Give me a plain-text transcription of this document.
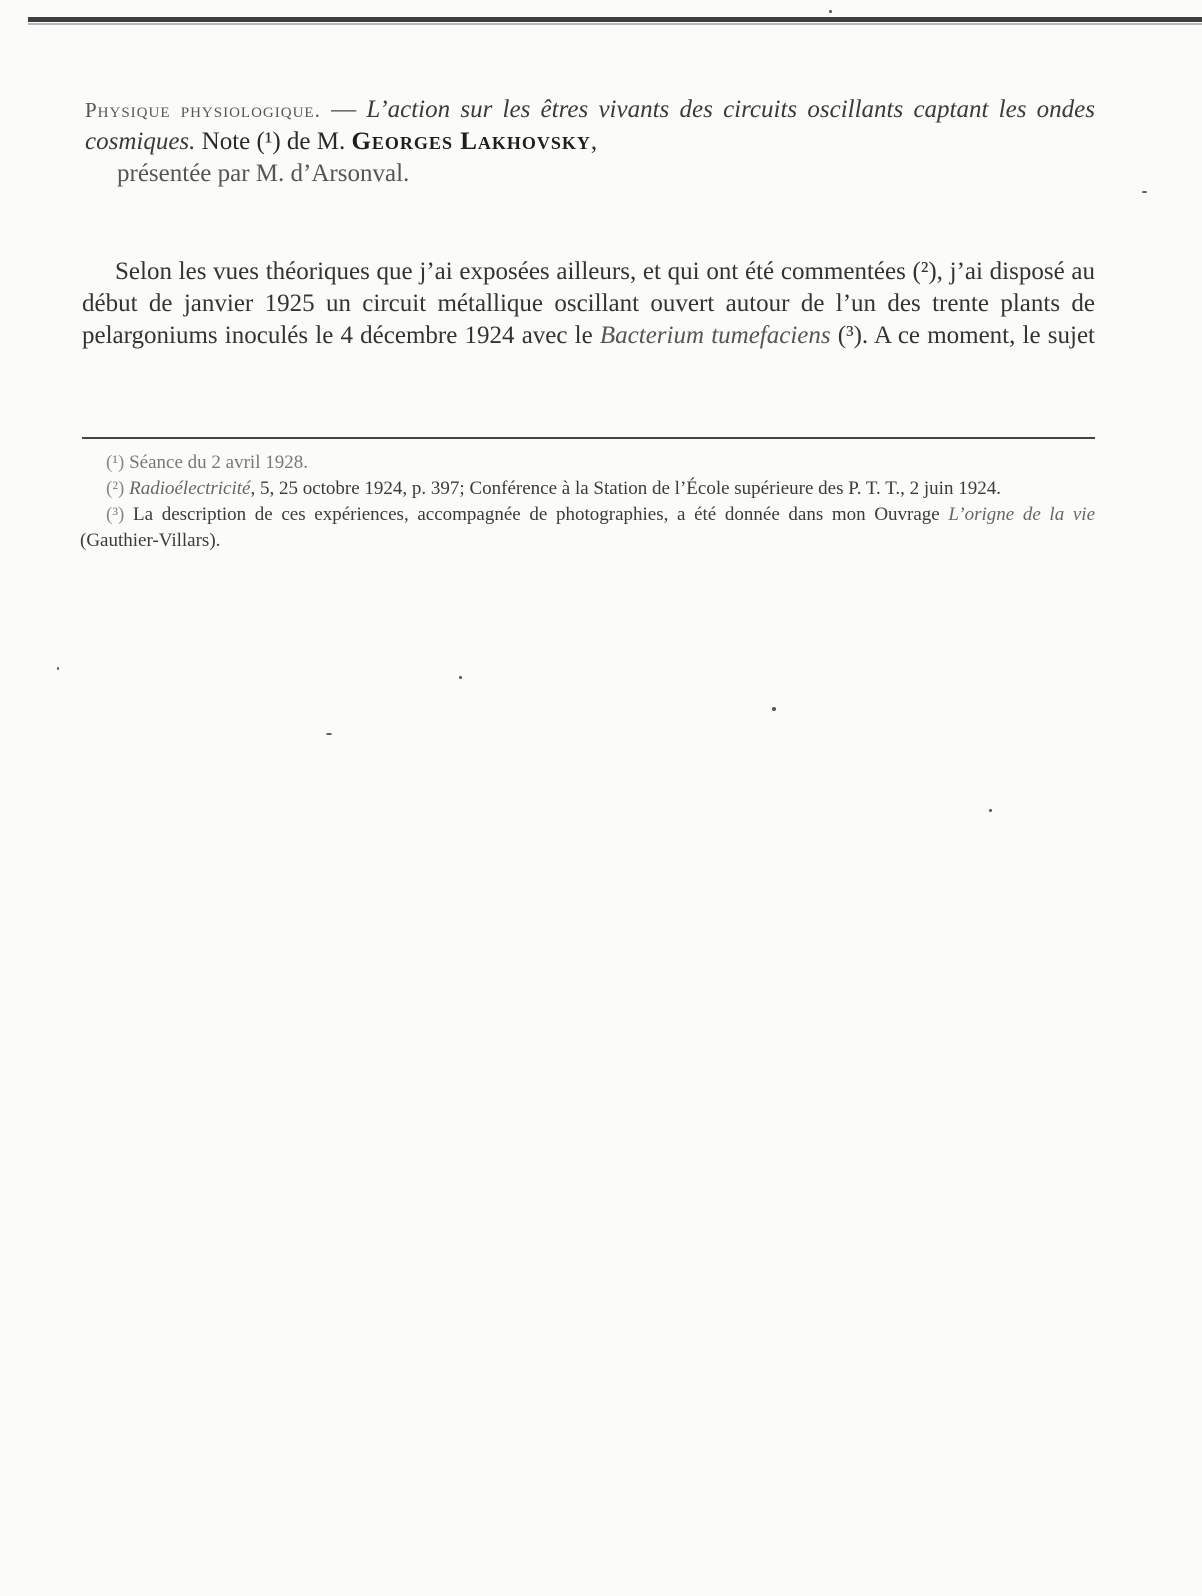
Physique physiologique. — L’action sur les êtres vivants des circuits oscillants captant les ondes cosmiques. Note (¹) de M. Georges Lakhovsky,
présentée par M. d’Arsonval.
Selon les vues théoriques que j’ai exposées ailleurs, et qui ont été commentées (²), j’ai disposé au début de janvier 1925 un circuit métallique oscillant ouvert autour de l’un des trente plants de pelargoniums inoculés le 4 décembre 1924 avec le Bacterium tumefaciens (³). A ce moment, le sujet

(¹) Séance du 2 avril 1928.

(²) Radioélectricité, 5, 25 octobre 1924, p. 397; Conférence à la Station de l’École supérieure des P. T. T., 2 juin 1924.

(³) La description de ces expériences, accompagnée de photographies, a été donnée dans mon Ouvrage L’origne de la vie (Gauthier-Villars).
